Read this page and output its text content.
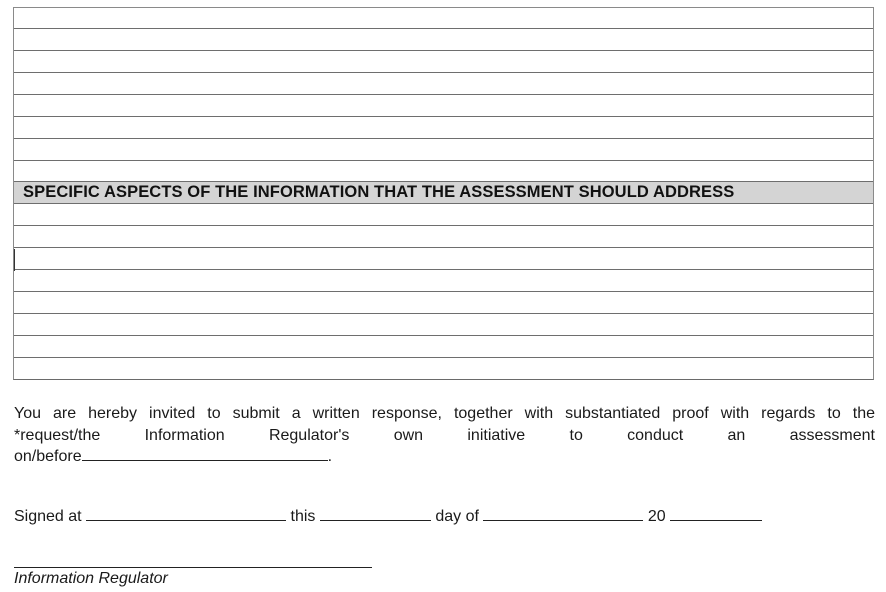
SPECIFIC ASPECTS OF THE INFORMATION THAT THE ASSESSMENT SHOULD ADDRESS
You are hereby invited to submit a written response, together with substantiated proof with regards to the
*request/the	Information	Regulator's	own	initiative	to	conduct	an	assessment
on/before	.
Signed at	this	day of	20
Information Regulator
